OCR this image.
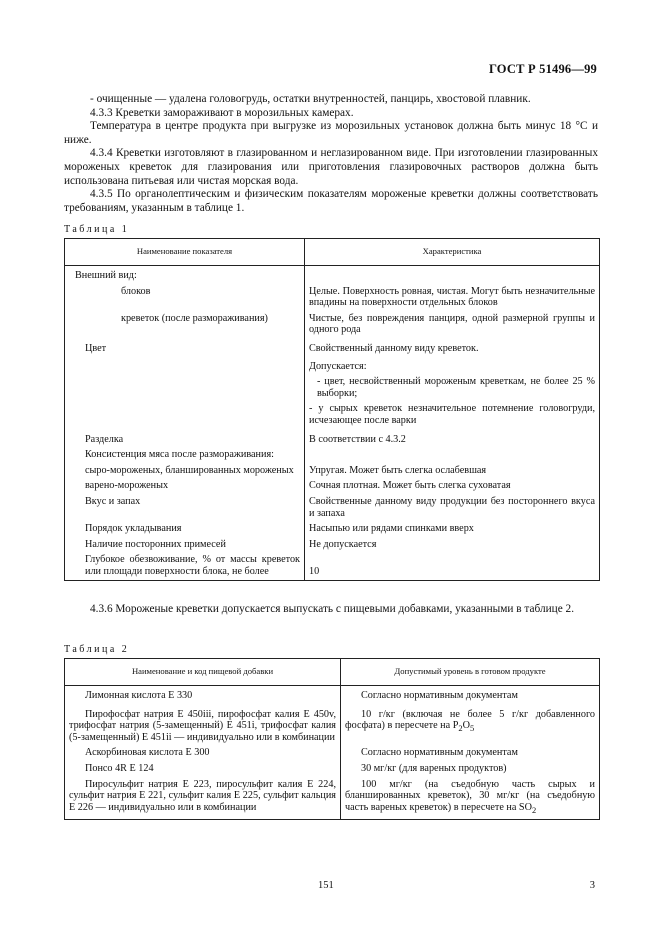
ГОСТ Р 51496—99

- очищенные — удалена головогрудь, остатки внутренностей, панцирь, хвостовой плавник.

4.3.3 Креветки замораживают в морозильных камерах.

Температура в центре продукта при выгрузке из морозильных установок должна быть минус 18 °С и ниже.

4.3.4 Креветки изготовляют в глазированном и неглазированном виде. При изготовлении глазированных мороженых креветок для глазирования или приготовления глазировочных растворов должна быть использована питьевая или чистая морская вода.

4.3.5 По органолептическим и физическим показателям мороженые креветки должны соответствовать требованиям, указанным в таблице 1.

Таблица 1
Наименование показателя	Характеристика
Внешний вид:	
блоков	Целые. Поверхность ровная, чистая. Могут быть незначительные впадины на поверхности отдельных блоков
креветок (после размораживания)	Чистые, без повреждения панциря, одной размерной группы и одного рода
Цвет	Свойственный данному виду креветок.
	Допускается:
	- цвет, несвойственный мороженым креветкам, не более 25 % выборки;
	- у сырых креветок незначительное потемнение головогруди, исчезающее после варки
Разделка	В соответствии с 4.3.2
Консистенция мяса после размораживания:	
сыро-мороженых, бланшированных мороженых	Упругая. Может быть слегка ослабевшая
варено-мороженых	Сочная плотная. Может быть слегка суховатая
Вкус и запах	Свойственные данному виду продукции без постороннего вкуса и запаха
Порядок укладывания	Насыпью или рядами спинками вверх
Наличие посторонних примесей	Не допускается
Глубокое обезвоживание, % от массы креветок или площади поверхности блока, не более	10

4.3.6 Мороженые креветки допускается выпускать с пищевыми добавками, указанными в таблице 2.

Таблица 2
Наименование и код пищевой добавки	Допустимый уровень в готовом продукте
Лимонная кислота Е 330	Согласно нормативным документам

Пирофосфат натрия Е 450iii, пирофосфат калия Е 450v, трифосфат натрия (5-замещенный) Е 451i, трифосфат калия (5-замещенный) Е 451ii — индивидуально или в комбинации	10 г/кг (включая не более 5 г/кг добавленного фосфата) в пересчете на $P_2O_5$

Аскорбиновая кислота Е 300	Согласно нормативным документам
Понсо 4R E 124	30 мг/кг (для вареных продуктов)

Пиросульфит натрия Е 223, пиросульфит калия Е 224, сульфит натрия Е 221, сульфит калия Е 225, сульфит кальция Е 226 — индивидуально или в комбинации	100 мг/кг (на съедобную часть сырых и бланшированных креветок), 30 мг/кг (на съедобную часть вареных креветок) в пересчете на $SO_2$
151	3
